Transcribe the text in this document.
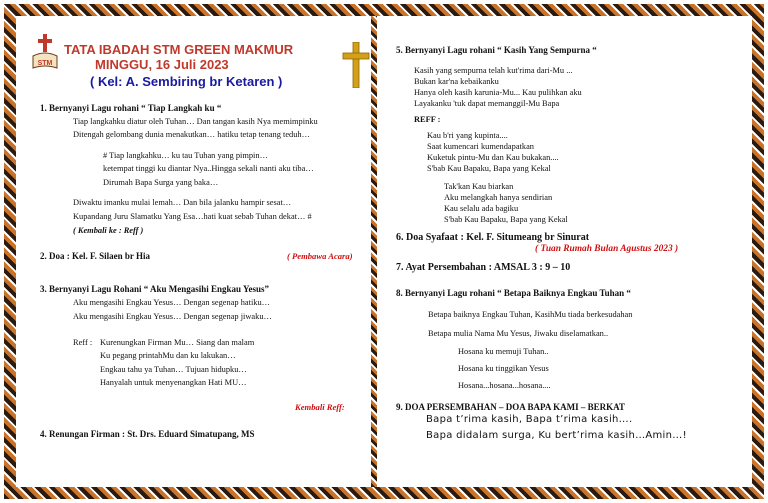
STM
TATA IBADAH STM GREEN MAKMUR
MINGGU, 16 Juli 2023
( Kel: A. Sembiring br Ketaren )
1. Bernyanyi Lagu rohani “ Tiap Langkah ku “
Tiap langkahku diatur oleh Tuhan… Dan tangan kasih Nya memimpinku
Ditengah gelombang dunia menakutkan… hatiku tetap tenang teduh…
# Tiap langkahku… ku tau Tuhan yang pimpin…
ketempat tinggi ku diantar Nya..Hingga sekali nanti aku tiba…
Dirumah Bapa Surga yang baka…
Diwaktu imanku mulai lemah… Dan bila jalanku hampir sesat…
Kupandang Juru Slamatku Yang Esa…hati kuat sebab Tuhan dekat… #
( Kembali ke : Reff )
2. Doa : Kel. F. Silaen br Hia	( Pembawa Acara)
3. Bernyanyi Lagu Rohani “ Aku Mengasihi Engkau Yesus”
Aku mengasihi Engkau Yesus… Dengan segenap hatiku…
Aku mengasihi Engkau Yesus… Dengan segenap jiwaku…
Reff : Kurenungkan Firman Mu… Siang dan malam
Ku pegang printahMu dan ku lakukan…
Engkau tahu ya Tuhan… Tujuan hidupku…
Hanyalah untuk menyenangkan Hati MU…
Kembali Reff:
4. Renungan Firman : St. Drs. Eduard Simatupang, MS
5. Bernyanyi Lagu rohani “ Kasih Yang Sempurna “
Kasih yang sempurna telah kut'rima dari-Mu ...
Bukan kar'na kebaikanku
Hanya oleh kasih karunia-Mu... Kau pulihkan aku
Layakanku 'tuk dapat memanggil-Mu Bapa
REFF :
Kau b'ri yang kupinta....
Saat kumencari kumendapatkan
Kuketuk pintu-Mu dan Kau bukakan....
S'bab Kau Bapaku, Bapa yang Kekal
Tak'kan Kau biarkan
Aku melangkah hanya sendirian
Kau selalu ada bagiku
S'bab Kau Bapaku, Bapa yang Kekal
6. Doa Syafaat : Kel. F. Situmeang br Sinurat
( Tuan Rumah Bulan Agustus 2023 )
7. Ayat Persembahan : AMSAL 3 : 9 – 10
8. Bernyanyi Lagu rohani “ Betapa Baiknya Engkau Tuhan “
Betapa baiknya Engkau Tuhan, KasihMu tiada berkesudahan
Betapa mulia Nama Mu Yesus, Jiwaku diselamatkan..
Hosana ku memuji Tuhan..
Hosana ku tinggikan Yesus
Hosana...hosana...hosana....
9. DOA PERSEMBAHAN – DOA BAPA KAMI – BERKAT
Bapa t’rima kasih, Bapa t’rima kasih….
Bapa didalam surga, Ku bert’rima kasih…Amin…!
